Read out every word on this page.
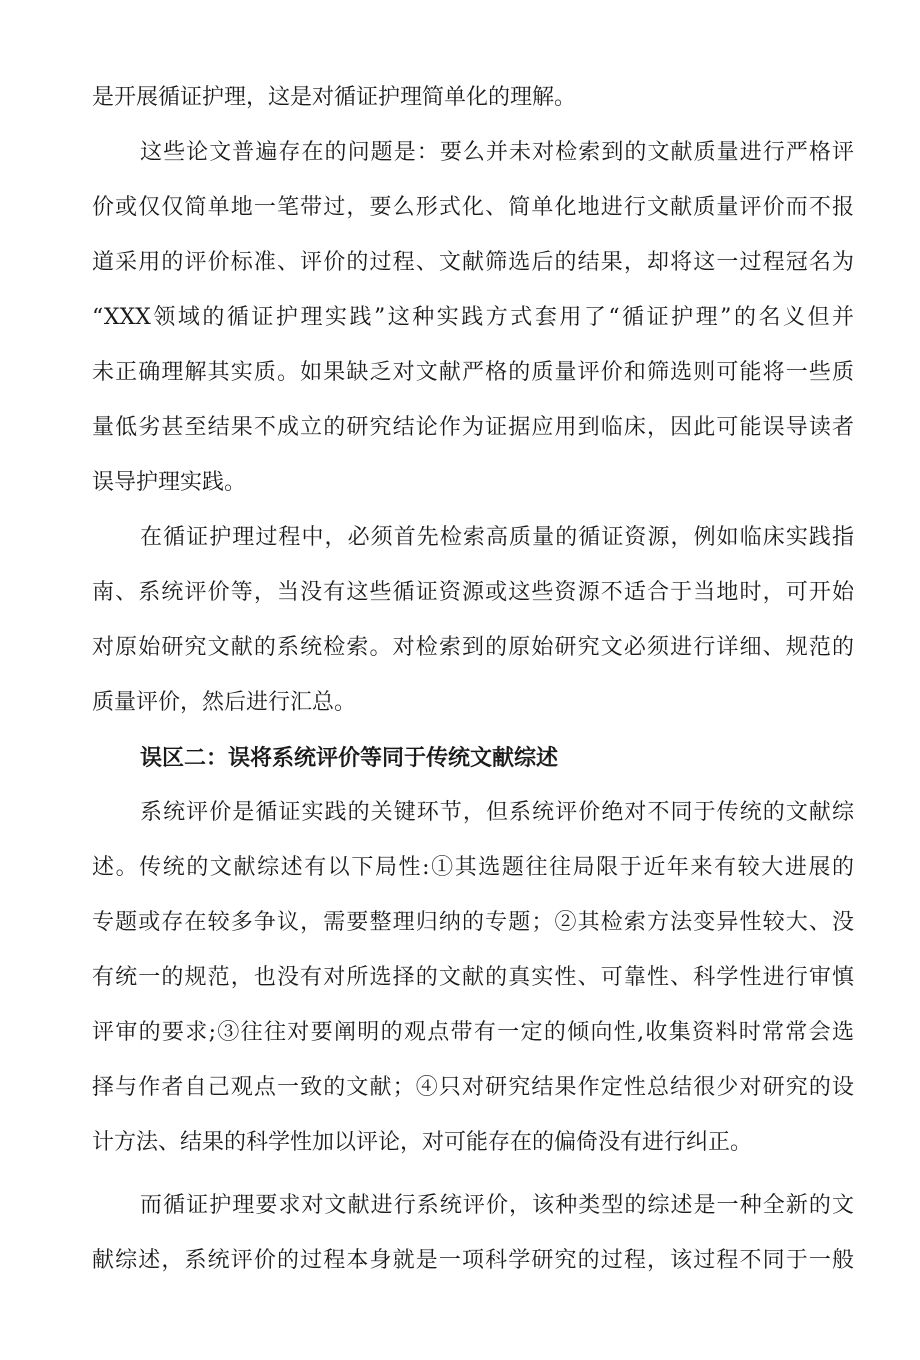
是开展循证护理，这是对循证护理简单化的理解。
这些论文普遍存在的问题是：要么并未对检索到的文献质量进行严格评
价或仅仅简单地一笔带过，要么形式化、简单化地进行文献质量评价而不报
道采用的评价标准、评价的过程、文献筛选后的结果，却将这一过程冠名为
“XXX领域的循证护理实践”这种实践方式套用了“循证护理”的名义但并
未正确理解其实质。如果缺乏对文献严格的质量评价和筛选则可能将一些质
量低劣甚至结果不成立的研究结论作为证据应用到临床，因此可能误导读者
误导护理实践。
在循证护理过程中，必须首先检索高质量的循证资源，例如临床实践指
南、系统评价等，当没有这些循证资源或这些资源不适合于当地时，可开始
对原始研究文献的系统检索。对检索到的原始研究文必须进行详细、规范的
质量评价，然后进行汇总。
误区二：误将系统评价等同于传统文献综述
系统评价是循证实践的关键环节，但系统评价绝对不同于传统的文献综
述。传统的文献综述有以下局性:①其选题往往局限于近年来有较大进展的
专题或存在较多争议，需要整理归纳的专题；②其检索方法变异性较大、没
有统一的规范，也没有对所选择的文献的真实性、可靠性、科学性进行审慎
评审的要求;③往往对要阐明的观点带有一定的倾向性,收集资料时常常会选
择与作者自己观点一致的文献；④只对研究结果作定性总结很少对研究的设
计方法、结果的科学性加以评论，对可能存在的偏倚没有进行纠正。
而循证护理要求对文献进行系统评价，该种类型的综述是一种全新的文
献综述，系统评价的过程本身就是一项科学研究的过程，该过程不同于一般
